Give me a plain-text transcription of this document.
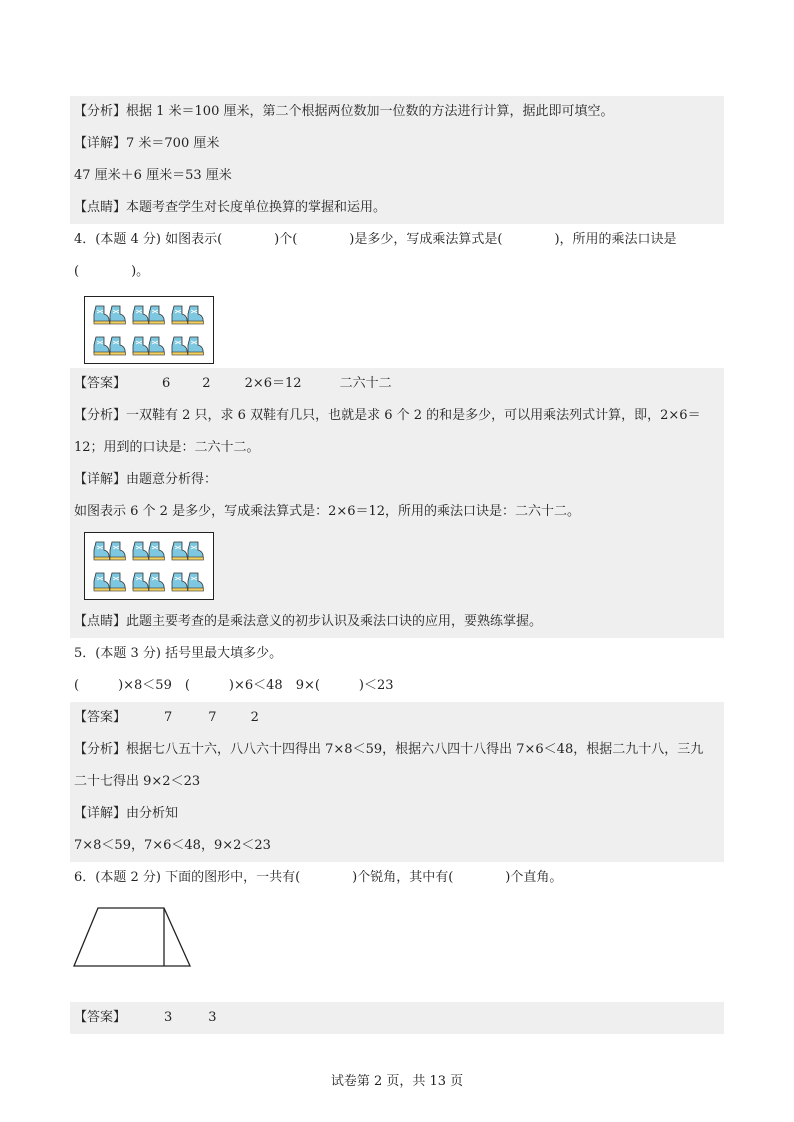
【分析】根据 1 米＝100 厘米，第二个根据两位数加一位数的方法进行计算，据此即可填空。
【详解】7 米＝700 厘米
47 厘米＋6 厘米＝53 厘米
【点睛】本题考查学生对长度单位换算的掌握和运用。
4．(本题 4 分) 如图表示(　　　　)个(　　　　)是多少，写成乘法算式是(　　　　)，所用的乘法口诀是
(　　　　)。
【答案】	6 2	2×6＝12	二六十二
【分析】一双鞋有 2 只，求 6 双鞋有几只，也就是求 6 个 2 的和是多少，可以用乘法列式计算，即，2×6＝
12；用到的口诀是：二六十二。
【详解】由题意分析得：
如图表示 6 个 2 是多少，写成乘法算式是：2×6＝12，所用的乘法口诀是：二六十二。
【点睛】此题主要考查的是乘法意义的初步认识及乘法口诀的应用，要熟练掌握。
5．(本题 3 分) 括号里最大填多少。
(　　　)×8＜59　(　　　)×6＜48　9×(　　　)＜23
【答案】	7	7	2
【分析】根据七八五十六，八八六十四得出 7×8＜59，根据六八四十八得出 7×6＜48，根据二九十八，三九
二十七得出 9×2＜23
【详解】由分析知
7×8＜59，7×6＜48，9×2＜23
6．(本题 2 分) 下面的图形中，一共有(　　　　)个锐角，其中有(　　　　)个直角。
【答案】	3	3
试卷第 2 页，共 13 页
